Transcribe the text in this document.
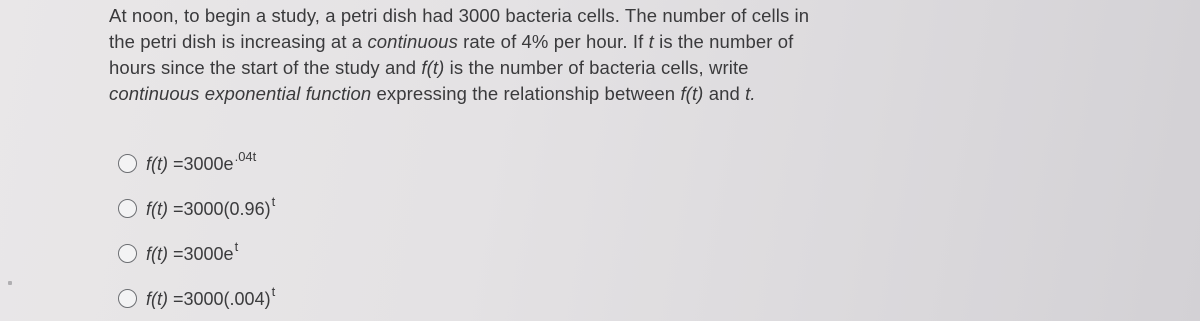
At noon, to begin a study, a petri dish had 3000 bacteria cells. The number of cells in

the petri dish is increasing at a continuous rate of 4% per hour. If t is the number of

hours since the start of the study and f(t) is the number of bacteria cells, write

continuous exponential function expressing the relationship between f(t) and t.

$f(t) =3000e^{.04t}$
$f(t) =3000(0.96)^t$
$f(t) =3000e^t$
$f(t) =3000(.004)^t$
